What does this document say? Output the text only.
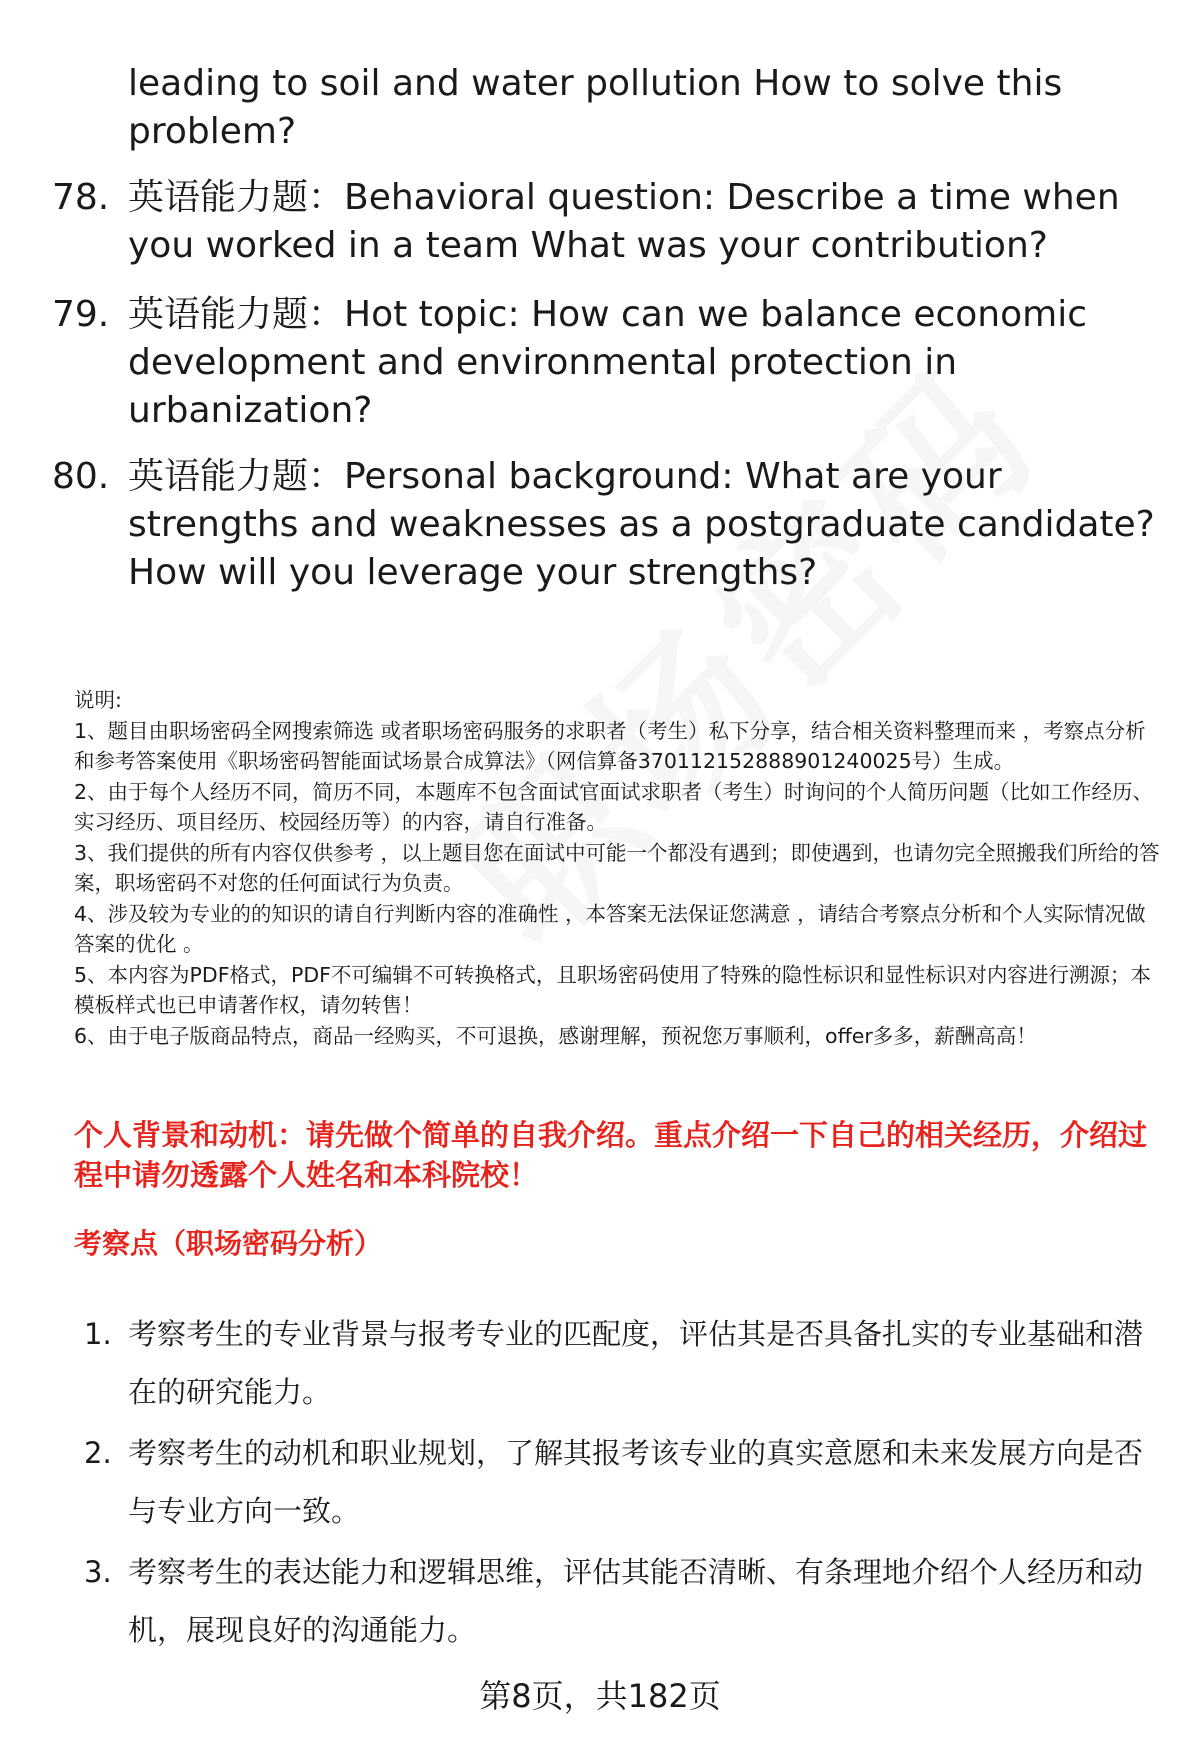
leading to soil and water pollution How to solve this problem?
78. 英语能力题：Behavioral question: Describe a time when you worked in a team What was your contribution?
79. 英语能力题：Hot topic: How can we balance economic development and environmental protection in urbanization?
80. 英语能力题：Personal background: What are your strengths and weaknesses as a postgraduate candidate? How will you leverage your strengths?

说明:

1、题目由职场密码全网搜索筛选 或者职场密码服务的求职者（考生）私下分享，结合相关资料整理而来 ，考察点分析和参考答案使用《职场密码智能面试场景合成算法》（网信算备370112152888901240025号）生成。

2、由于每个人经历不同，简历不同，本题库不包含面试官面试求职者（考生）时询问的个人简历问题（比如工作经历、实习经历、项目经历、校园经历等）的内容，请自行准备。

3、我们提供的所有内容仅供参考 ，以上题目您在面试中可能一个都没有遇到；即使遇到，也请勿完全照搬我们所给的答案，职场密码不对您的任何面试行为负责。

4、涉及较为专业的的知识的请自行判断内容的准确性 ，本答案无法保证您满意 ，请结合考察点分析和个人实际情况做答案的优化 。

5、本内容为PDF格式，PDF不可编辑不可转换格式，且职场密码使用了特殊的隐性标识和显性标识对内容进行溯源；本模板样式也已申请著作权，请勿转售！

6、由于电子版商品特点，商品一经购买，不可退换，感谢理解，预祝您万事顺利，offer多多，薪酬高高！

个人背景和动机：请先做个简单的自我介绍。重点介绍一下自己的相关经历，介绍过程中请勿透露个人姓名和本科院校！
考察点（职场密码分析）
1. 考察考生的专业背景与报考专业的匹配度，评估其是否具备扎实的专业基础和潜在的研究能力。
2. 考察考生的动机和职业规划，了解其报考该专业的真实意愿和未来发展方向是否与专业方向一致。
3. 考察考生的表达能力和逻辑思维，评估其能否清晰、有条理地介绍个人经历和动机，展现良好的沟通能力。
第8页，共182页
